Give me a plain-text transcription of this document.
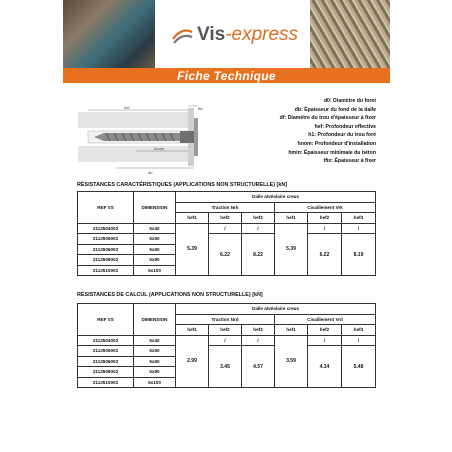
Vis-express
Fiche Technique
hef
hnom
db
tfix
d0: Diamètre du foret
db: Épaisseur du fond de la dalle
df: Diamètre du trou d'épaisseur à fixer
hef: Profondeur effective
h1: Profondeur du trou foré
hnom: Profondeur d'installation
hmin: Épaisseur minimale du béton
tfix: Épaisseur à fixer
RÉSISTANCES CARACTÉRISTIQUES (APPLICATIONS NON STRUCTURELLE) [kN]
REF VS	DIMENSION	Dalle alvéolaire creux					
		Traction Nrk			Cisaillement Vrk		
		hef1	hef2	hef3	hef1	hef2	hef3
2113504002	5x40	5.39	/	/	5.39	/	/
2113505002	5x50		6.22	8.22		6.22	8.19
2113506002	5x60						
2113508002	5x80						
2113510002	5x100						
RÉSISTANCES DE CALCUL (APPLICATIONS NON STRUCTURELLE) [kN]
REF VS	DIMENSION	Dalle alvéolaire creux					
		Traction Nrd			Cisaillement Vrd		
		hef1	hef2	hef3	hef1	hef2	hef3
2113504002	5x40	2.99	/	/	3.59	/	/
2113505002	5x50		3.45	4.57		4.14	5.48
2113506002	5x60						
2113508002	5x80						
2113510002	5x100						
